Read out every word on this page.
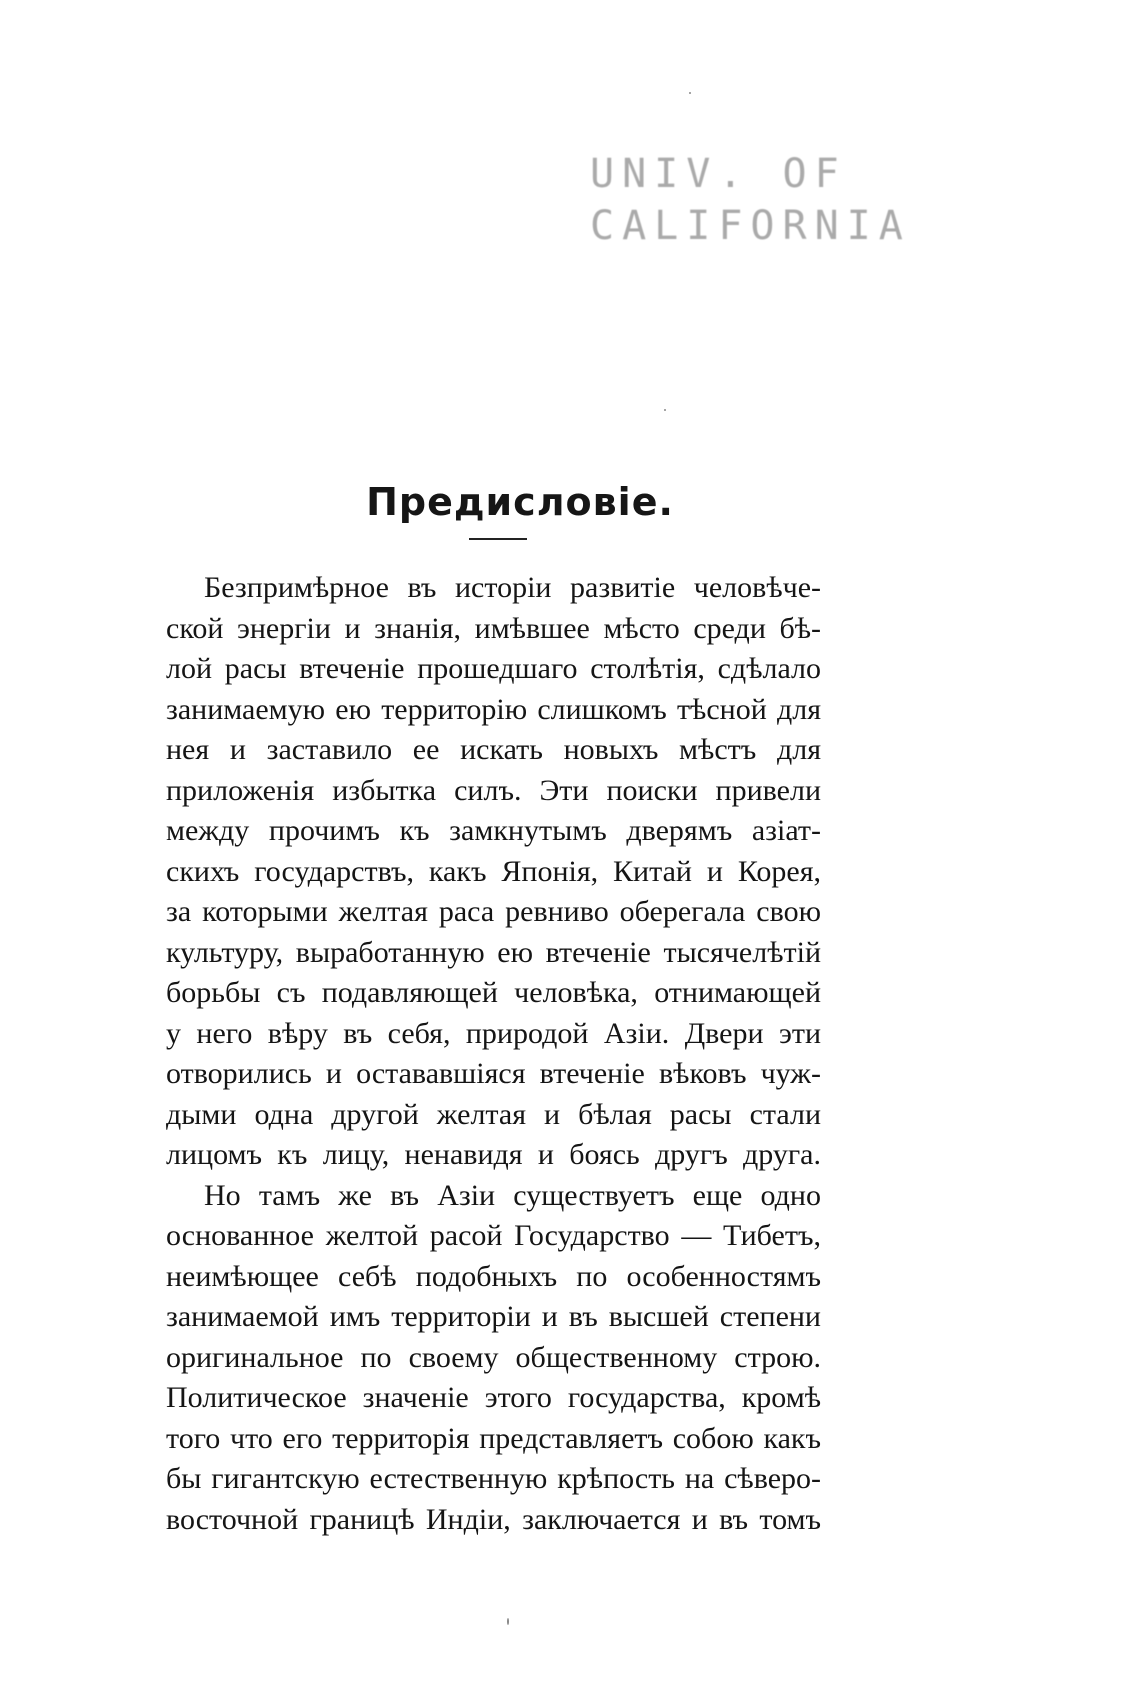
UNIV. OF
CALIFORNIA
Предисловіе.
Безпримѣрное въ исторіи развитіе человѣче-
ской энергіи и знанія, имѣвшее мѣсто среди бѣ-
лой расы втеченіе прошедшаго столѣтія, сдѣлало
занимаемую ею территорію слишкомъ тѣсной для
нея и заставило ее искать новыхъ мѣстъ для
приложенія избытка силъ. Эти поиски привели
между прочимъ къ замкнутымъ дверямъ азіат-
скихъ государствъ, какъ Японія, Китай и Корея,
за которыми желтая раса ревниво оберегала свою
культуру, выработанную ею втеченіе тысячелѣтій
борьбы съ подавляющей человѣка, отнимающей
у него вѣру въ себя, природой Азіи. Двери эти
отворились и остававшіяся втеченіе вѣковъ чуж-
дыми одна другой желтая и бѣлая расы стали
лицомъ къ лицу, ненавидя и боясь другъ друга.
Но тамъ же въ Азіи существуетъ еще одно
основанное желтой расой Государство — Тибетъ,
неимѣющее себѣ подобныхъ по особенностямъ
занимаемой имъ территоріи и въ высшей степени
оригинальное по своему общественному строю.
Политическое значеніе этого государства, кромѣ
того что его территорія представляетъ собою какъ
бы гигантскую естественную крѣпость на сѣверо-
восточной границѣ Индіи, заключается и въ томъ
